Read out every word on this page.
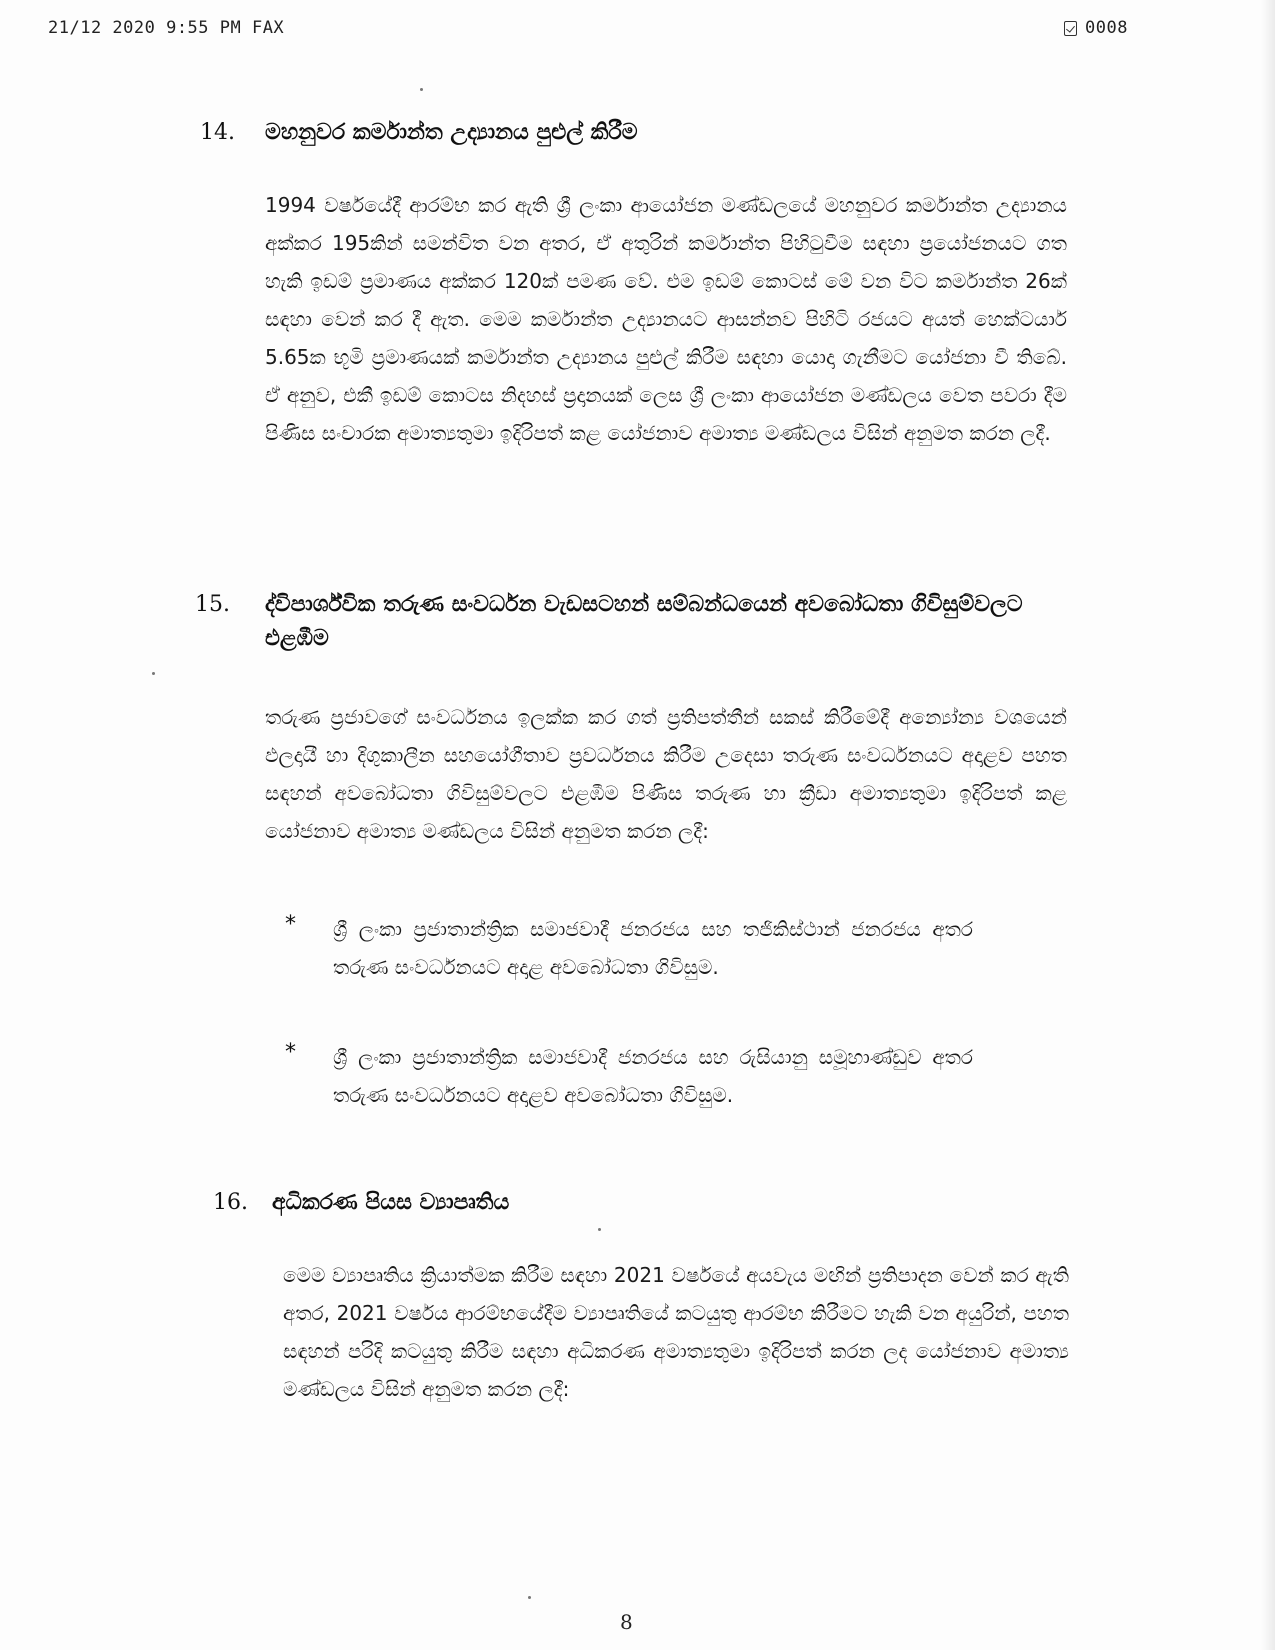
21/12 2020 9:55 PM FAX	0008
14. මහනුවර කර්මාන්ත උද්‍යානය පුළුල් කිරීම

1994 වර්ෂයේදී ආරම්භ කර ඇති ශ්‍රී ලංකා ආයෝජන මණ්ඩලයේ මහනුවර කර්මාන්ත උද්‍යානය අක්කර 195කින් සමන්විත වන අතර, ඒ අතුරින් කර්මාන්ත පිහිටුවීම සඳහා ප්‍රයෝජනයට ගත හැකි ඉඩම් ප්‍රමාණය අක්කර 120ක් පමණ වේ. එම ඉඩම් කොටස් මේ වන විට කර්මාන්ත 26ක් සඳහා වෙන් කර දී ඇත. මෙම කර්මාන්ත උද්‍යානයට ආසන්නව පිහිටි රජයට අයත් හෙක්ටයාර් 5.65ක භූමි ප්‍රමාණයක් කර්මාන්ත උද්‍යානය පුළුල් කිරීම සඳහා යොදා ගැනීමට යෝජනා වී තිබේ. ඒ අනුව, එකී ඉඩම් කොටස නිදහස් ප්‍රදානයක් ලෙස ශ්‍රී ලංකා ආයෝජන මණ්ඩලය වෙත පවරා දීම පිණිස සංචාරක අමාත්‍යතුමා ඉදිරිපත් කළ යෝජනාව අමාත්‍ය මණ්ඩලය විසින් අනුමත කරන ලදී.

15. ද්විපාර්ශ්වික තරුණ සංවර්ධන වැඩසටහන් සම්බන්ධයෙන් අවබෝධතා ගිවිසුම්වලට එළඹීම

තරුණ ප්‍රජාවගේ සංවර්ධනය ඉලක්ක කර ගත් ප්‍රතිපත්තීන් සකස් කිරීමේදී අන්‍යෝන්‍ය වශයෙන් ඵලදායී හා දිගුකාලීන සහයෝගීතාව ප්‍රවර්ධනය කිරීම උදෙසා තරුණ සංවර්ධනයට අදාළව පහත සඳහන් අවබෝධතා ගිවිසුම්වලට එළඹීම පිණිස තරුණ හා ක්‍රීඩා අමාත්‍යතුමා ඉදිරිපත් කළ යෝජනාව අමාත්‍ය මණ්ඩලය විසින් අනුමත කරන ලදී:

* ශ්‍රී ලංකා ප්‍රජාතාන්ත්‍රික සමාජවාදී ජනරජය සහ තජිකිස්ථාන් ජනරජය අතර තරුණ සංවර්ධනයට අදාළ අවබෝධතා ගිවිසුම.

* ශ්‍රී ලංකා ප්‍රජාතාන්ත්‍රික සමාජවාදී ජනරජය සහ රුසියානු සමූහාණ්ඩුව අතර තරුණ සංවර්ධනයට අදාළව අවබෝධතා ගිවිසුම.

16. අධිකරණ පියස ව්‍යාපෘතිය

මෙම ව්‍යාපෘතිය ක්‍රියාත්මක කිරීම සඳහා 2021 වර්ෂයේ අයවැය මඟින් ප්‍රතිපාදන වෙන් කර ඇති අතර, 2021 වර්ෂය ආරම්භයේදීම ව්‍යාපෘතියේ කටයුතු ආරම්භ කිරීමට හැකි වන අයුරින්, පහත සඳහන් පරිදි කටයුතු කිරීම සඳහා අධිකරණ අමාත්‍යතුමා ඉදිරිපත් කරන ලද යෝජනාව අමාත්‍ය මණ්ඩලය විසින් අනුමත කරන ලදී:

8
